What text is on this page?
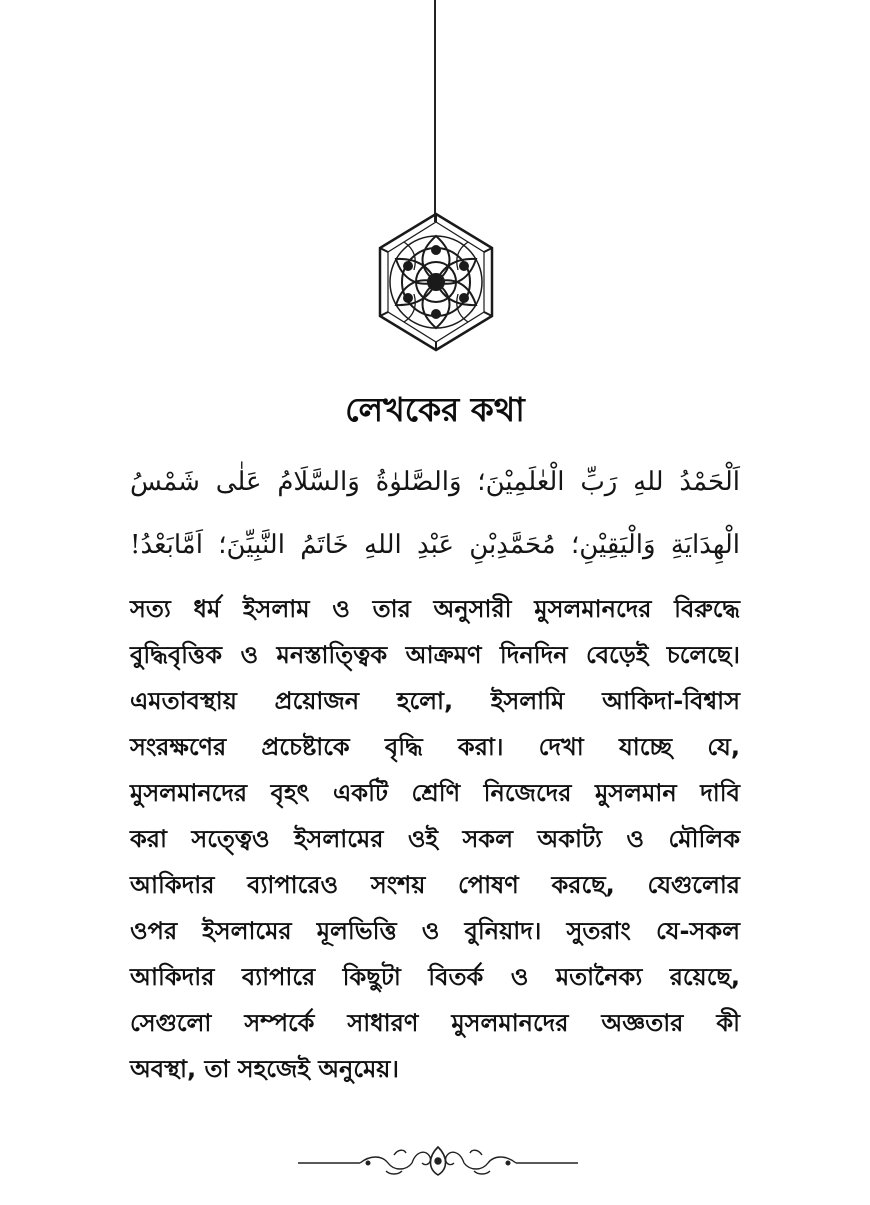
লেখকের কথা

اَلْحَمْدُ للهِ رَبِّ الْعٰلَمِيْنَ؛ وَالصَّلوٰةُ وَالسَّلَامُ عَلٰى شَمْسُ

الْهِدَايَةِ وَالْيَقِيْنِ؛ مُحَمَّدِبْنِ عَبْدِ اللهِ خَاتَمُ النَّبِيِّنَ؛ اَمَّابَعْدُ!

সত্য ধর্ম ইসলাম ও তার অনুসারী মুসলমানদের বিরুদ্ধে
বুদ্ধিবৃত্তিক ও মনস্তাত্ত্বিক আক্রমণ দিনদিন বেড়েই চলেছে।
এমতাবস্থায় প্রয়োজন হলো, ইসলামি আকিদা-বিশ্বাস
সংরক্ষণের প্রচেষ্টাকে বৃদ্ধি করা। দেখা যাচ্ছে যে,
মুসলমানদের বৃহৎ একটি শ্রেণি নিজেদের মুসলমান দাবি
করা সত্ত্বেও ইসলামের ওই সকল অকাট্য ও মৌলিক
আকিদার ব্যাপারেও সংশয় পোষণ করছে, যেগুলোর
ওপর ইসলামের মূলভিত্তি ও বুনিয়াদ। সুতরাং যে-সকল
আকিদার ব্যাপারে কিছুটা বিতর্ক ও মতানৈক্য রয়েছে,
সেগুলো সম্পর্কে সাধারণ মুসলমানদের অজ্ঞতার কী
অবস্থা, তা সহজেই অনুমেয়।
